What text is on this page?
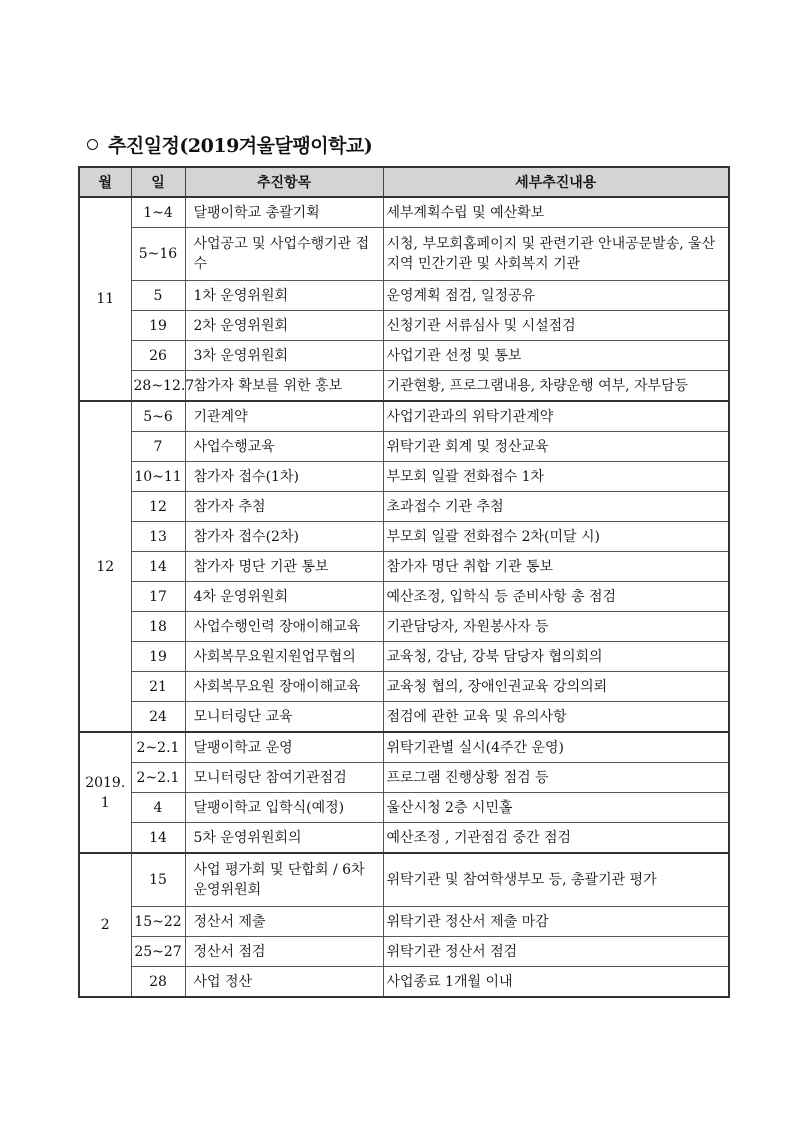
추진일정(2019겨울달팽이학교)
월	일	추진항목	세부추진내용
11	1~4	달팽이학교 총괄기획	세부계획수립 및 예산확보
	5~16	사업공고 및 사업수행기관 접수	시청, 부모회홈페이지 및 관련기관 안내공문발송, 울산지역 민간기관 및 사회복지 기관
	5	1차 운영위원회	운영계획 점검, 일정공유
	19	2차 운영위원회	신청기관 서류심사 및 시설점검
	26	3차 운영위원회	사업기관 선정 및 통보
	28~12.7	참가자 확보를 위한 홍보	기관현황, 프로그램내용, 차량운행 여부, 자부담등
12	5~6	기관계약	사업기관과의 위탁기관계약
	7	사업수행교육	위탁기관 회계 및 정산교육
	10~11	참가자 접수(1차)	부모회 일괄 전화접수 1차
	12	참가자 추첨	초과접수 기관 추첨
	13	참가자 접수(2차)	부모회 일괄 전화접수 2차(미달 시)
	14	참가자 명단 기관 통보	참가자 명단 취합 기관 통보
	17	4차 운영위원회	예산조정, 입학식 등 준비사항 총 점검
	18	사업수행인력 장애이해교육	기관담당자, 자원봉사자 등
	19	사회복무요원지원업무협의	교육청, 강남, 강북 담당자 협의회의
	21	사회복무요원 장애이해교육	교육청 협의, 장애인권교육 강의의뢰
	24	모니터링단 교육	점검에 관한 교육 및 유의사항
2019. 1	2~2.1	달팽이학교 운영	위탁기관별 실시(4주간 운영)
	2~2.1	모니터링단 참여기관점검	프로그램 진행상황 점검 등
	4	달팽이학교 입학식(예정)	울산시청 2층 시민홀
	14	5차 운영위원회의	예산조정 , 기관점검 중간 점검
2	15	사업 평가회 및 단합회 / 6차 운영위원회	위탁기관 및 참여학생부모 등, 총괄기관 평가
	15~22	정산서 제출	위탁기관 정산서 제출 마감
	25~27	정산서 점검	위탁기관 정산서 점검
	28	사업 정산	사업종료 1개월 이내
